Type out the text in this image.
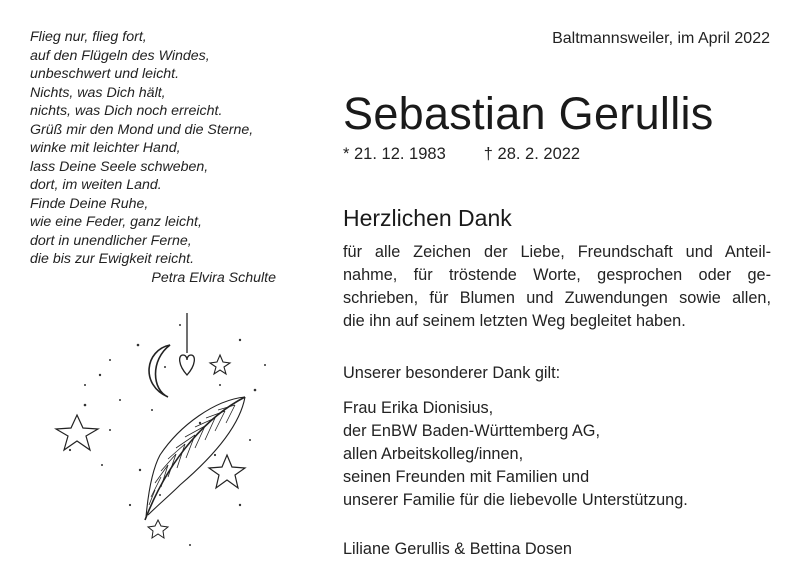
Flieg nur, flieg fort,
auf den Flügeln des Windes,
unbeschwert und leicht.
Nichts, was Dich hält,
nichts, was Dich noch erreicht.
Grüß mir den Mond und die Sterne,
winke mit leichter Hand,
lass Deine Seele schweben,
dort, im weiten Land.
Finde Deine Ruhe,
wie eine Feder, ganz leicht,
dort in unendlicher Ferne,
die bis zur Ewigkeit reicht.
Petra Elvira Schulte
Baltmannsweiler, im April 2022
Sebastian Gerullis
* 21. 12. 1983 † 28. 2. 2022
Herzlichen Dank
für alle Zeichen der Liebe, Freundschaft und Anteil-
nahme, für tröstende Worte, gesprochen oder ge-
schrieben, für Blumen und Zuwendungen sowie allen,
die ihn auf seinem letzten Weg begleitet haben.
Unserer besonderer Dank gilt:
Frau Erika Dionisius,
der EnBW Baden-Württemberg AG,
allen Arbeitskolleg/innen,
seinen Freunden mit Familien und
unserer Familie für die liebevolle Unterstützung.
Liliane Gerullis & Bettina Dosen
